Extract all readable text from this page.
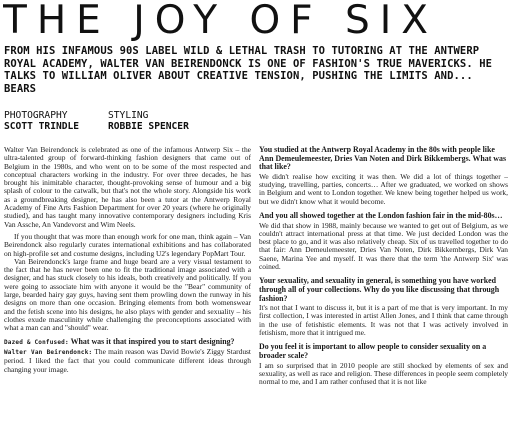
THE JOY OF SIX
FROM HIS INFAMOUS 90S LABEL WILD & LETHAL TRASH TO TUTORING AT THE ANTWERP ROYAL ACADEMY, WALTER VAN BEIRENDONCK IS ONE OF FASHION'S TRUE MAVERICKS. HE TALKS TO WILLIAM OLIVER ABOUT CREATIVE TENSION, PUSHING THE LIMITS AND... BEARS
PHOTOGRAPHY
SCOTT TRINDLE
STYLING
ROBBIE SPENCER

Walter Van Beirendonck is celebrated as one of the infamous Antwerp Six – the ultra-talented group of forward-thinking fashion designers that came out of Belgium in the 1980s, and who went on to be some of the most respected and conceptual characters working in the industry. For over three decades, he has brought his inimitable character, thought-provoking sense of humour and a big splash of colour to the catwalk, but that's not the whole story. Alongside his work as a groundbreaking designer, he has also been a tutor at the Antwerp Royal Academy of Fine Arts Fashion Department for over 20 years (where he originally studied), and has taught many innovative contemporary designers including Kris Van Assche, An Vandevorst and Wim Neels.

If you thought that was more than enough work for one man, think again – Van Beirendonck also regularly curates international exhibitions and has collaborated on high-profile set and costume designs, including U2's legendary PopMart Tour.

Van Beirendonck's large frame and huge beard are a very visual testament to the fact that he has never been one to fit the traditional image associated with a designer, and has stuck closely to his ideals, both creatively and politically. If you were going to associate him with anyone it would be the "Bear" community of large, bearded hairy gay guys, having sent them prowling down the runway in his designs on more than one occasion. Bringing elements from both womenswear and the fetish scene into his designs, he also plays with gender and sexuality – his clothes exude masculinity while challenging the preconceptions associated with what a man can and "should" wear.

Dazed & Confused: What was it that inspired you to start designing?

Walter Van Beirendonck: The main reason was David Bowie's Ziggy Stardust period. I liked the fact that you could communicate different ideas through changing your image.

You studied at the Antwerp Royal Academy in the 80s with people like Ann Demeulemeester, Dries Van Noten and Dirk Bikkembergs. What was that like?

We didn't realise how exciting it was then. We did a lot of things together – studying, travelling, parties, concerts… After we graduated, we worked on shows in Belgium and went to London together. We knew being together helped us work, but we didn't know what it would become.

And you all showed together at the London fashion fair in the mid-80s…

We did that show in 1988, mainly because we wanted to get out of Belgium, as we couldn't attract international press at that time. We just decided London was the best place to go, and it was also relatively cheap. Six of us travelled together to do that fair: Ann Demeulemeester, Dries Van Noten, Dirk Bikkembergs, Dirk Van Saene, Marina Yee and myself. It was there that the term 'the Antwerp Six' was coined.

Your sexuality, and sexuality in general, is something you have worked through all of your collections. Why do you like discussing that through fashion?

It's not that I want to discuss it, but it is a part of me that is very important. In my first collection, I was interested in artist Allen Jones, and I think that came through in the use of fetishistic elements. It was not that I was actively involved in fetishism, more that it intrigued me.

Do you feel it is important to allow people to consider sexuality on a broader scale?

I am so surprised that in 2010 people are still shocked by elements of sex and sexuality, as well as race and religion. These differences in people seem completely normal to me, and I am rather confused that it is not like
